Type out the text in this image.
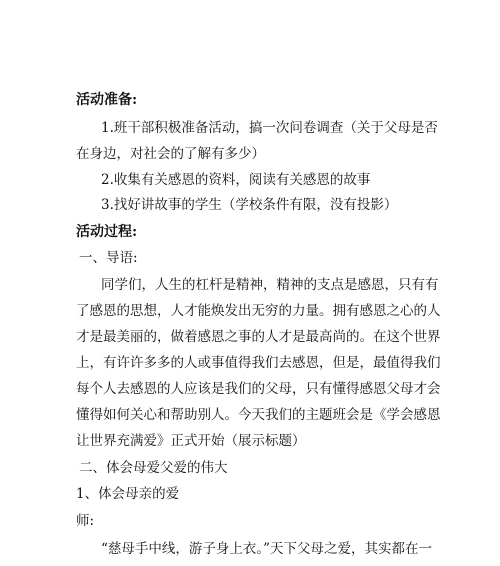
活动准备:
1.班干部积极准备活动，搞一次问卷调查（关于父母是否
在身边，对社会的了解有多少）
2.收集有关感恩的资料，阅读有关感恩的故事
3.找好讲故事的学生（学校条件有限，没有投影）
活动过程:
一、导语:
同学们，人生的杠杆是精神，精神的支点是感恩，只有有
了感恩的思想，人才能焕发出无穷的力量。拥有感恩之心的人
才是最美丽的，做着感恩之事的人才是最高尚的。在这个世界
上，有许许多多的人或事值得我们去感恩，但是，最值得我们
每个人去感恩的人应该是我们的父母，只有懂得感恩父母才会
懂得如何关心和帮助别人。今天我们的主题班会是《学会感恩
让世界充满爱》正式开始（展示标题）
二、体会母爱父爱的伟大
1、体会母亲的爱
师:
“慈母手中线，游子身上衣。”天下父母之爱，其实都在一
